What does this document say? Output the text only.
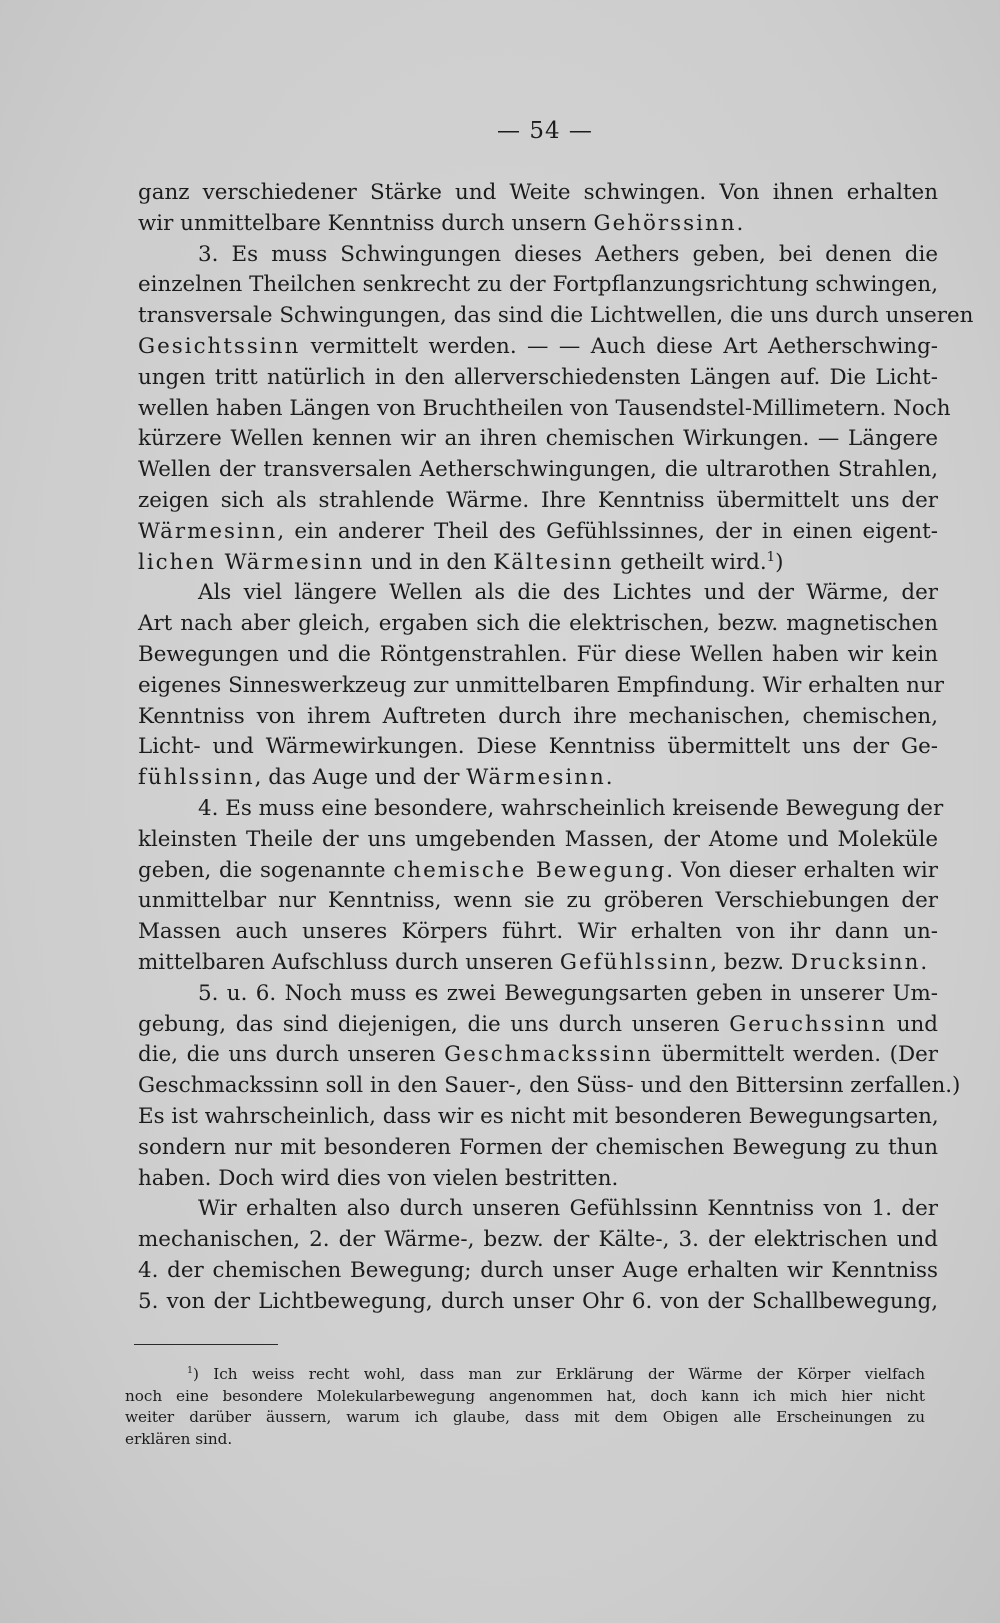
— 54 —
ganz verschiedener Stärke und Weite schwingen. Von ihnen erhalten
wir unmittelbare Kenntniss durch unsern Gehörssinn.
3. Es muss Schwingungen dieses Aethers geben, bei denen die
einzelnen Theilchen senkrecht zu der Fortpflanzungsrichtung schwingen,
transversale Schwingungen, das sind die Lichtwellen, die uns durch unseren
Gesichtssinn vermittelt werden. — — Auch diese Art Aetherschwing-
ungen tritt natürlich in den allerverschiedensten Längen auf. Die Licht-
wellen haben Längen von Bruchtheilen von Tausendstel-Millimetern. Noch
kürzere Wellen kennen wir an ihren chemischen Wirkungen. — Längere
Wellen der transversalen Aetherschwingungen, die ultrarothen Strahlen,
zeigen sich als strahlende Wärme. Ihre Kenntniss übermittelt uns der
Wärmesinn, ein anderer Theil des Gefühlssinnes, der in einen eigent-
lichen Wärmesinn und in den Kältesinn getheilt wird.$^1$)
Als viel längere Wellen als die des Lichtes und der Wärme, der
Art nach aber gleich, ergaben sich die elektrischen, bezw. magnetischen
Bewegungen und die Röntgenstrahlen. Für diese Wellen haben wir kein
eigenes Sinneswerkzeug zur unmittelbaren Empfindung. Wir erhalten nur
Kenntniss von ihrem Auftreten durch ihre mechanischen, chemischen,
Licht- und Wärmewirkungen. Diese Kenntniss übermittelt uns der Ge-
fühlssinn, das Auge und der Wärmesinn.
4. Es muss eine besondere, wahrscheinlich kreisende Bewegung der
kleinsten Theile der uns umgebenden Massen, der Atome und Moleküle
geben, die sogenannte chemische Bewegung. Von dieser erhalten wir
unmittelbar nur Kenntniss, wenn sie zu gröberen Verschiebungen der
Massen auch unseres Körpers führt. Wir erhalten von ihr dann un-
mittelbaren Aufschluss durch unseren Gefühlssinn, bezw. Drucksinn.
5. u. 6. Noch muss es zwei Bewegungsarten geben in unserer Um-
gebung, das sind diejenigen, die uns durch unseren Geruchssinn und
die, die uns durch unseren Geschmackssinn übermittelt werden. (Der
Geschmackssinn soll in den Sauer-, den Süss- und den Bittersinn zerfallen.)
Es ist wahrscheinlich, dass wir es nicht mit besonderen Bewegungsarten,
sondern nur mit besonderen Formen der chemischen Bewegung zu thun
haben. Doch wird dies von vielen bestritten.
Wir erhalten also durch unseren Gefühlssinn Kenntniss von 1. der
mechanischen, 2. der Wärme-, bezw. der Kälte-, 3. der elektrischen und
4. der chemischen Bewegung; durch unser Auge erhalten wir Kenntniss
5. von der Lichtbewegung, durch unser Ohr 6. von der Schallbewegung,
$^1$) Ich weiss recht wohl, dass man zur Erklärung der Wärme der Körper vielfach
noch eine besondere Molekularbewegung angenommen hat, doch kann ich mich hier nicht
weiter darüber äussern, warum ich glaube, dass mit dem Obigen alle Erscheinungen zu
erklären sind.
